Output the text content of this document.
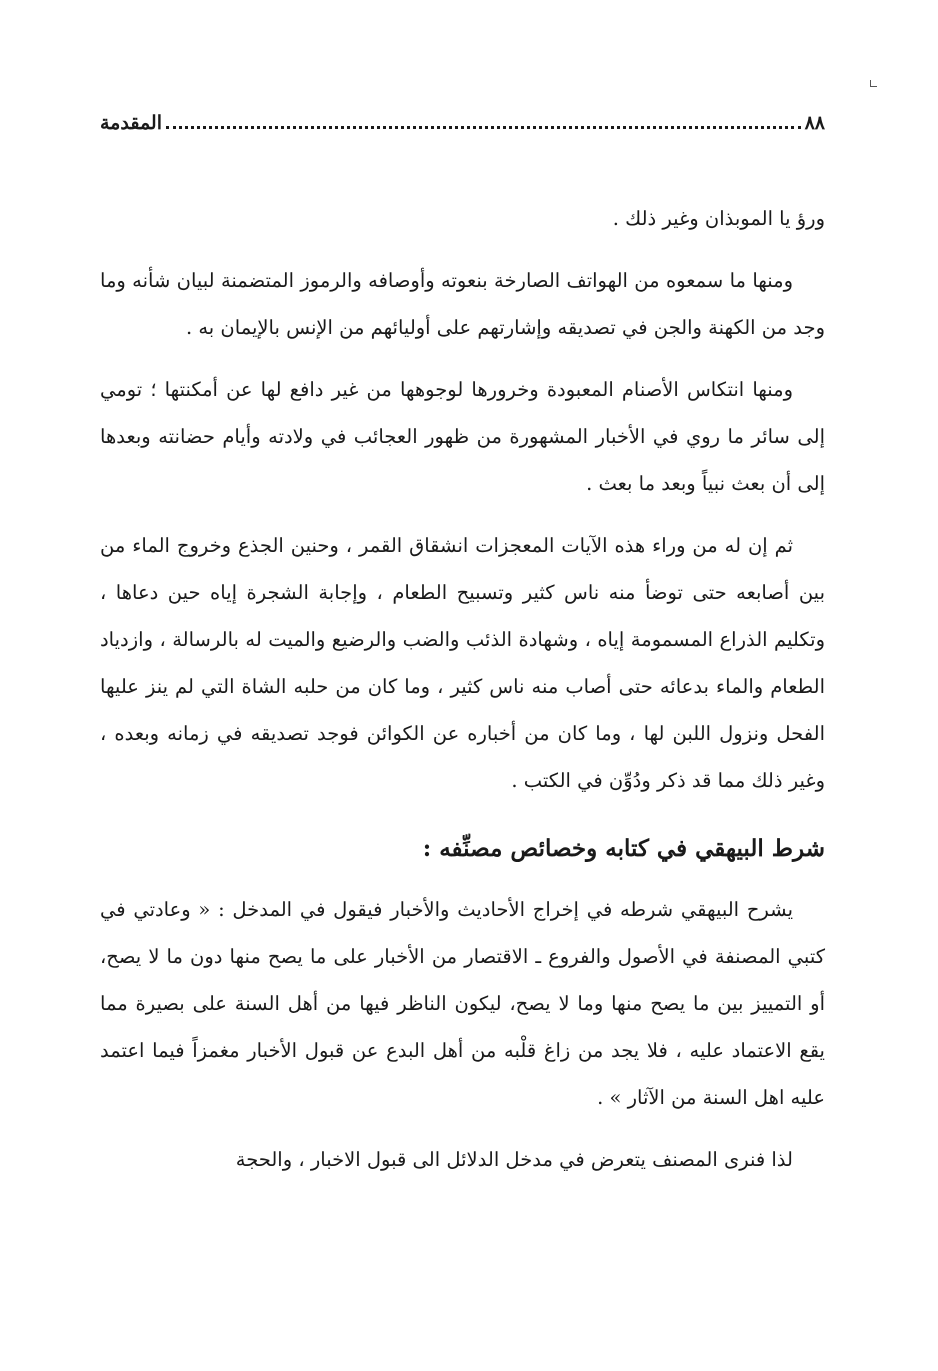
٨٨
المقدمة

ورؤ يا الموبذان وغير ذلك .

ومنها ما سمعوه من الهواتف الصارخة بنعوته وأوصافه والرموز المتضمنة لبيان شأنه وما وجد من الكهنة والجن في تصديقه وإشارتهم على أوليائهم من الإنس بالإيمان به .

ومنها انتكاس الأصنام المعبودة وخرورها لوجوهها من غير دافع لها عن أمكنتها ؛ تومي إلى سائر ما روي في الأخبار المشهورة من ظهور العجائب في ولادته وأيام حضانته وبعدها إلى أن بعث نبياً وبعد ما بعث .

ثم إن له من وراء هذه الآيات المعجزات انشقاق القمر ، وحنين الجذع وخروج الماء من بين أصابعه حتى توضأ منه ناس كثير وتسبيح الطعام ، وإجابة الشجرة إياه حين دعاها ، وتكليم الذراع المسمومة إياه ، وشهادة الذئب والضب والرضيع والميت له بالرسالة ، وازدياد الطعام والماء بدعائه حتى أصاب منه ناس كثير ، وما كان من حلبه الشاة التي لم ينز عليها الفحل ونزول اللبن لها ، وما كان من أخباره عن الكوائن فوجد تصديقه في زمانه وبعده ، وغير ذلك مما قد ذكر ودُوِّن في الكتب .

شرط البيهقي في كتابه وخصائص مصنِّفه :

يشرح البيهقي شرطه في إخراج الأحاديث والأخبار فيقول في المدخل : « وعادتي في كتبي المصنفة في الأصول والفروع ـ الاقتصار من الأخبار على ما يصح منها دون ما لا يصح، أو التمييز بين ما يصح منها وما لا يصح، ليكون الناظر فيها من أهل السنة على بصيرة مما يقع الاعتماد عليه ، فلا يجد من زاغ قلْبه من أهل البدع عن قبول الأخبار مغمزاً فيما اعتمد عليه اهل السنة من الآثار » .

لذا فنرى المصنف يتعرض في مدخل الدلائل الى قبول الاخبار ، والحجة
